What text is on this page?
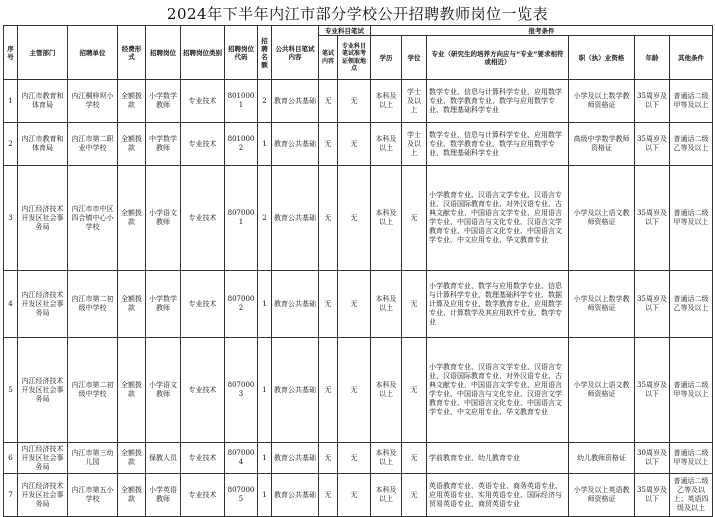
2024年下半年内江市部分学校公开招聘教师岗位一览表
序号	主管部门	招聘单位	经费形式	招聘岗位	招聘岗位类别	招聘岗位代码	招聘名额	公共科目笔试内容	专业科目笔试		报考条件					
									笔试内容	专业科目笔试准考证领取地点	学历	学位	专业（研究生的培养方向应与“专业”要求相符或相近）	职（执）业资格	年龄	其他条件
1	内江市教育和体育局	内江桐梓坝小学校	全额拨款	小学数学教师	专业技术	8010001	2	教育公共基础	无	无	本科及以上	学士及以上	数学专业、信息与计算科学专业、应用数学专业、数学教育专业、数学与应用数学专业、数理基础科学专业	小学及以上数学教师资格证	35周岁及以下	普通话二级甲等及以上
2	内江市教育和体育局	内江市第二职业中学校	全额拨款	中学数学教师	专业技术	8010002	1	教育公共基础	无	无	本科及以上	学士及以上	数学专业、信息与计算科学专业、应用数学专业、数学教育专业、数学与应用数学专业、数理基础科学专业	高级中学数学教师资格证	35周岁及以下	普通话二级乙等及以上
3	内江经济技术开发区社会事务局	内江市市中区四合镇中心小学校	全额拨款	小学语文教师	专业技术	8070001	2	教育公共基础	无	无	本科及以上	无	小学教育专业、汉语言文学专业、汉语言专业、汉语国际教育专业、对外汉语专业、古典文献专业、中国语言文学专业、应用语言学专业、中国语言与文化专业、汉语言文学教育专业、中国语言文化专业、中国语言文学专业、中文应用专业、华文教育专业	小学及以上语文教师资格证	35周岁及以下	普通话二级甲等及以上
4	内江经济技术开发区社会事务局	内江市第二初级中学校	全额拨款	小学数学教师	专业技术	8070002	1	教育公共基础	无	无	本科及以上	无	小学教育专业、数学与应用数学专业、信息与计算科学专业、数理基础科学专业、数据计算及应用专业、数学教育专业、应用数学专业、计算数学及其应用软件专业、数学专业	小学及以上数学教师资格证	35周岁及以下	普通话二级乙等及以上
5	内江经济技术开发区社会事务局	内江市第二初级中学校	全额拨款	小学语文教师	专业技术	8070003	1	教育公共基础	无	无	本科及以上	无	小学教育专业、汉语言文学专业、汉语言专业、汉语国际教育专业、对外汉语专业、古典文献专业、中国语言文学专业、应用语言学专业、中国语言与文化专业、汉语言文学教育专业、中国语言文化专业、中国语言文学专业、中文应用专业、华文教育专业	小学及以上语文教师资格证	35周岁及以下	普通话二级甲等及以上
6	内江经济技术开发区社会事务局	内江市第三幼儿园	全额拨款	保教人员	专业技术	8070004	1	教育公共基础	无	无	本科及以上	无	学前教育专业、幼儿教育专业	幼儿教师资格证	30周岁及以下	普通话二级甲等及以上
7	内江经济技术开发区社会事务局	内江市第五小学校	全额拨款	小学英语教师	专业技术	8070005	1	教育公共基础	无	无	本科及以上	无	英语教育专业、英语专业、商务英语专业、应用英语专业、实用英语专业、国际经济与贸易英语专业、商贸英语专业	小学及以上英语教师资格证	35周岁及以下	普通话二级乙等及以上；英语四级及以上
